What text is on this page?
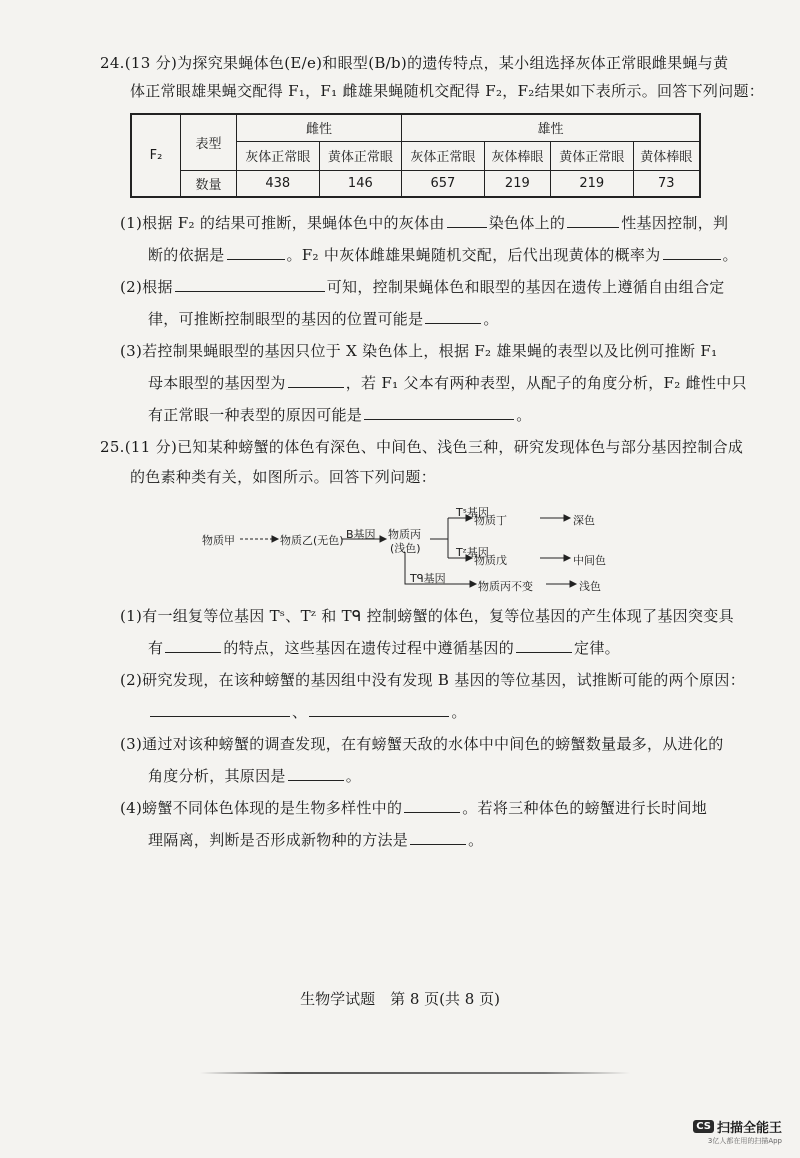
24.(13 分)为探究果蝇体色(E/e)和眼型(B/b)的遗传特点，某小组选择灰体正常眼雌果蝇与黄
体正常眼雄果蝇交配得 F₁，F₁ 雌雄果蝇随机交配得 F₂，F₂结果如下表所示。回答下列问题：
F₂	表型	雌性		雄性			
		灰体正常眼	黄体正常眼	灰体正常眼	灰体棒眼	黄体正常眼	黄体棒眼
	数量	438	146	657	219	219	73
(1)根据 F₂ 的结果可推断，果蝇体色中的灰体由	染色体上的	性基因控制，判
断的依据是	。F₂ 中灰体雌雄果蝇随机交配，后代出现黄体的概率为	。
(2)根据	可知，控制果蝇体色和眼型的基因在遗传上遵循自由组合定
律，可推断控制眼型的基因的位置可能是	。
(3)若控制果蝇眼型的基因只位于 X 染色体上，根据 F₂ 雄果蝇的表型以及比例可推断 F₁
母本眼型的基因型为	，若 F₁ 父本有两种表型，从配子的角度分析，F₂ 雌性中只
有正常眼一种表型的原因可能是	。
25.(11 分)已知某种螃蟹的体色有深色、中间色、浅色三种，研究发现体色与部分基因控制合成
的色素种类有关，如图所示。回答下列问题：
物质甲	物质乙(无色) B基因 物质丙
(浅色)
Tˢ基因
物质丁	深色
Tᶻ基因
物质戊	中间色
Tᑫ基因
物质丙不变	浅色
(1)有一组复等位基因 Tˢ、Tᶻ 和 Tᑫ 控制螃蟹的体色，复等位基因的产生体现了基因突变具
有	的特点，这些基因在遗传过程中遵循基因的	定律。
(2)研究发现，在该种螃蟹的基因组中没有发现 B 基因的等位基因，试推断可能的两个原因：
、	。
(3)通过对该种螃蟹的调查发现，在有螃蟹天敌的水体中中间色的螃蟹数量最多，从进化的
角度分析，其原因是	。
(4)螃蟹不同体色体现的是生物多样性中的	。若将三种体色的螃蟹进行长时间地
理隔离，判断是否形成新物种的方法是	。
生物学试题　第 8 页(共 8 页)
CS 扫描全能王
3亿人都在用的扫描App
